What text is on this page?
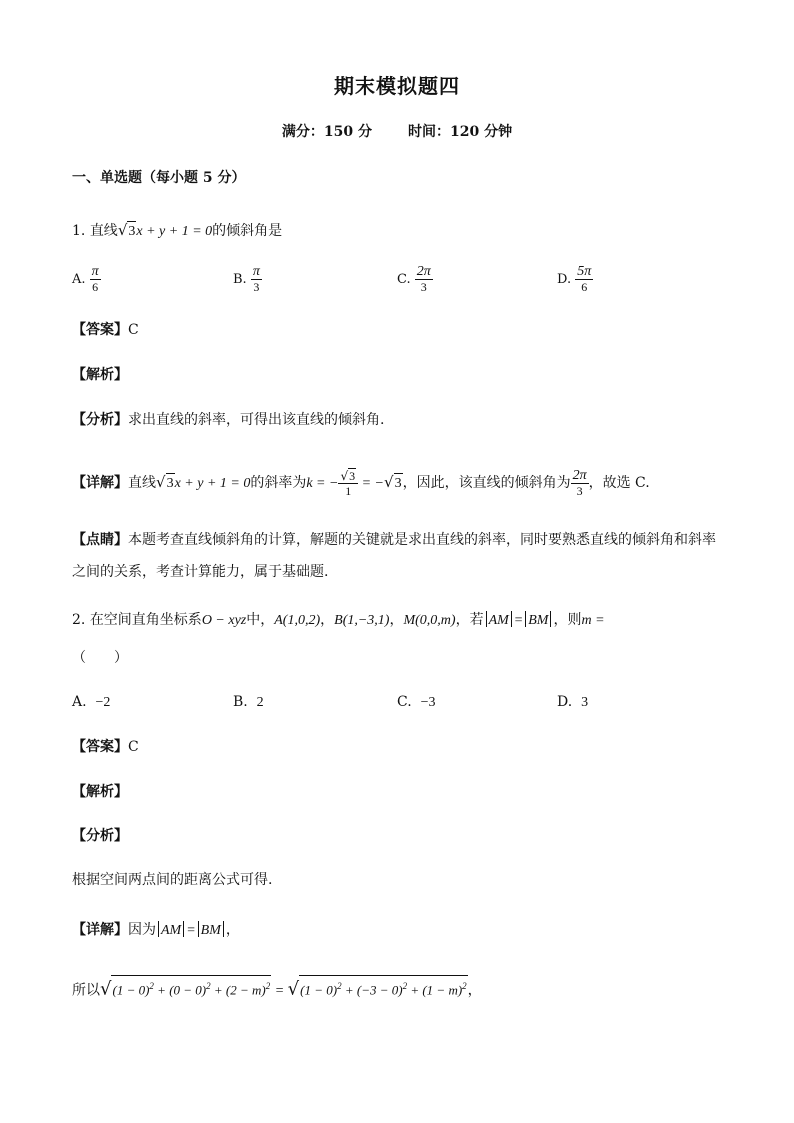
期末模拟题四
满分：150 分	时间：120 分钟
一、单选题（每小题 5 分）
1. 直线√3x + y + 1 = 0的倾斜角是
A. $\frac{\pi}{6}$	B. $\frac{\pi}{3}$	C. $\frac{2\pi}{3}$	D. $\frac{5\pi}{6}$
【答案】C
【解析】
【分析】求出直线的斜率，可得出该直线的倾斜角.
【详解】直线√3x + y + 1 = 0的斜率为k = − $\frac{√3}{1} = -√3$，因此，该直线的倾斜角为 $\frac{2\pi}{3}$ ，故选 C.
【点睛】本题考查直线倾斜角的计算，解题的关键就是求出直线的斜率，同时要熟悉直线的倾斜角和斜率
之间的关系，考查计算能力，属于基础题.
2. 在空间直角坐标系O − xyz中，A(1,0,2)，B(1,−3,1)，M(0,0,m)，若 AM = BM ，则m =
（　　）
A. −2	B. 2	C. −3	D. 3
【答案】C
【解析】
【分析】
根据空间两点间的距离公式可得.
【详解】因为 AM = BM ，
所以$√(1 - 0)^2 + (0 - 0)^2 + (2 - m)^2 = √(1 - 0)^2 + (-3 - 0)^2 + (1 - m)^2$，
